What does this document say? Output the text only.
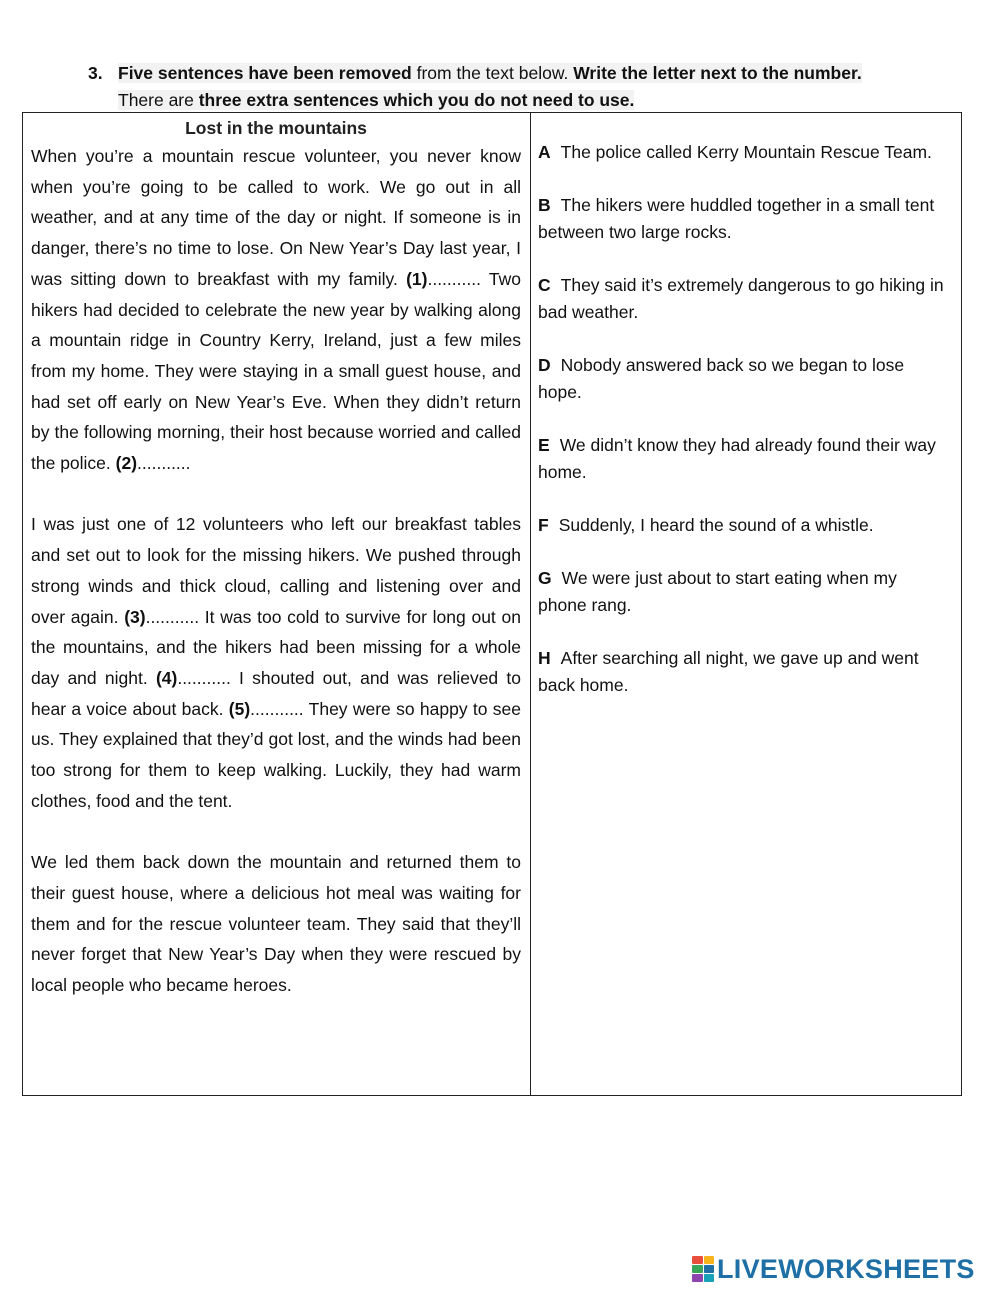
3. Five sentences have been removed from the text below. Write the letter next to the number.
There are three extra sentences which you do not need to use.
Lost in the mountains

When you’re a mountain rescue volunteer, you never know when you’re going to be called to work. We go out in all weather, and at any time of the day or night. If someone is in danger, there’s no time to lose. On New Year’s Day last year, I was sitting down to breakfast with my family. (1)........... Two hikers had decided to celebrate the new year by walking along a mountain ridge in Country Kerry, Ireland, just a few miles from my home. They were staying in a small guest house, and had set off early on New Year’s Eve. When they didn’t return by the following morning, their host because worried and called the police. (2)...........

I was just one of 12 volunteers who left our breakfast tables and set out to look for the missing hikers. We pushed through strong winds and thick cloud, calling and listening over and over again. (3)........... It was too cold to survive for long out on the mountains, and the hikers had been missing for a whole day and night. (4)........... I shouted out, and was relieved to hear a voice about back. (5)........... They were so happy to see us. They explained that they’d got lost, and the winds had been too strong for them to keep walking. Luckily, they had warm clothes, food and the tent.

We led them back down the mountain and returned them to their guest house, where a delicious hot meal was waiting for them and for the rescue volunteer team. They said that they’ll never forget that New Year’s Day when they were rescued by local people who became heroes.

A The police called Kerry Mountain Rescue Team.

B The hikers were huddled together in a small tent between two large rocks.

C They said it’s extremely dangerous to go hiking in bad weather.

D Nobody answered back so we began to lose hope.

E We didn’t know they had already found their way home.

F Suddenly, I heard the sound of a whistle.

G We were just about to start eating when my phone rang.

H After searching all night, we gave up and went back home.

LIVEWORKSHEETS
